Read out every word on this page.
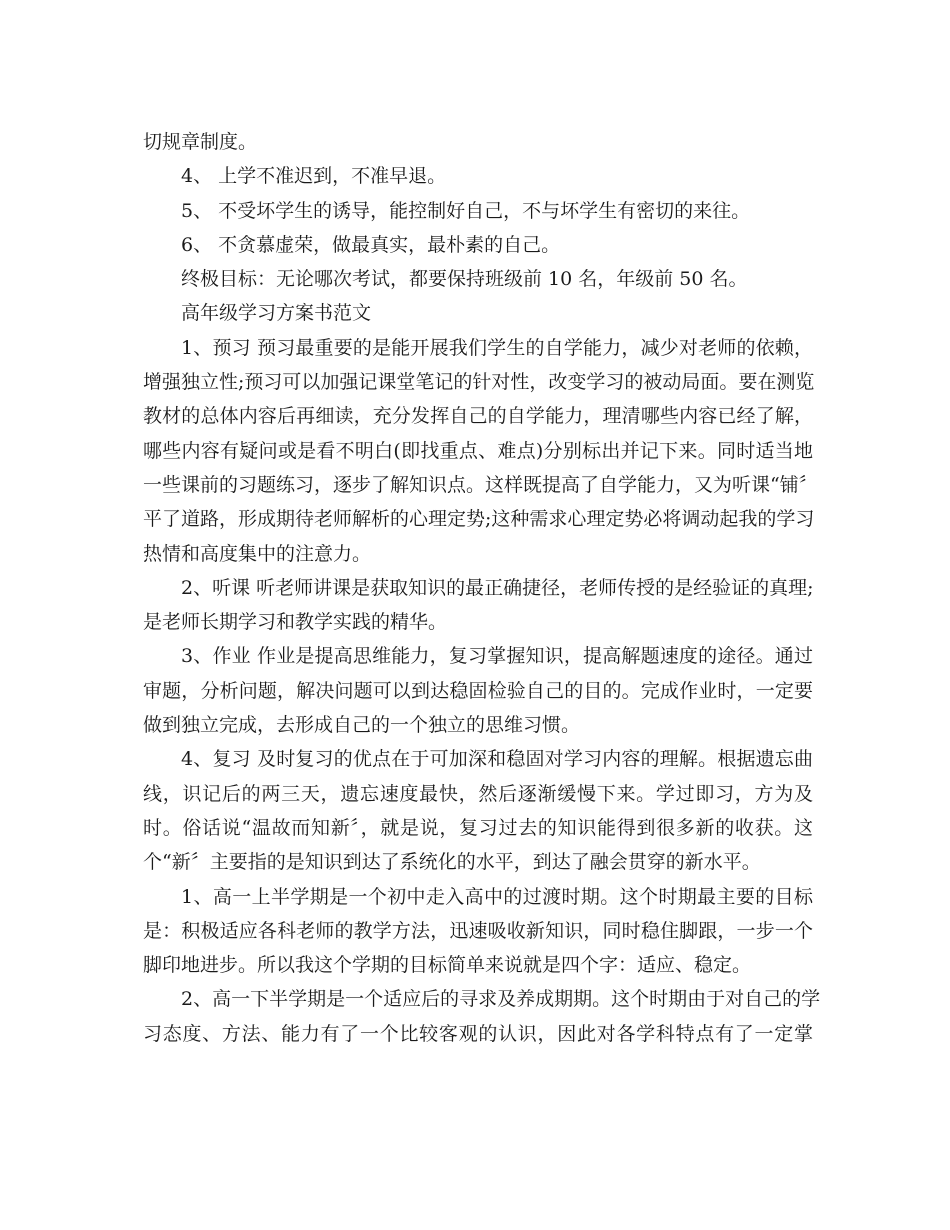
切规章制度。
4、 上学不准迟到，不准早退。
5、 不受坏学生的诱导，能控制好自己，不与坏学生有密切的来往。
6、 不贪慕虚荣，做最真实，最朴素的自己。
终极目标：无论哪次考试，都要保持班级前 10 名，年级前 50 名。
高年级学习方案书范文
1、预习 预习最重要的是能开展我们学生的自学能力，减少对老师的依赖，
增强独立性;预习可以加强记课堂笔记的针对性，改变学习的被动局面。要在测览
教材的总体内容后再细读，充分发挥自己的自学能力，理清哪些内容已经了解，
哪些内容有疑问或是看不明白(即找重点、难点)分别标出并记下来。同时适当地
一些课前的习题练习，逐步了解知识点。这样既提高了自学能力，又为听课“铺〞
平了道路，形成期待老师解析的心理定势;这种需求心理定势必将调动起我的学习
热情和高度集中的注意力。
2、听课 听老师讲课是获取知识的最正确捷径，老师传授的是经验证的真理;
是老师长期学习和教学实践的精华。
3、作业 作业是提高思维能力，复习掌握知识，提高解题速度的途径。通过
审题，分析问题，解决问题可以到达稳固检验自己的目的。完成作业时，一定要
做到独立完成，去形成自己的一个独立的思维习惯。
4、复习 及时复习的优点在于可加深和稳固对学习内容的理解。根据遗忘曲
线，识记后的两三天，遗忘速度最快，然后逐渐缓慢下来。学过即习，方为及
时。俗话说“温故而知新〞，就是说，复习过去的知识能得到很多新的收获。这
个“新〞主要指的是知识到达了系统化的水平，到达了融会贯穿的新水平。
1、高一上半学期是一个初中走入高中的过渡时期。这个时期最主要的目标
是：积极适应各科老师的教学方法，迅速吸收新知识，同时稳住脚跟，一步一个
脚印地进步。所以我这个学期的目标简单来说就是四个字：适应、稳定。
2、高一下半学期是一个适应后的寻求及养成期期。这个时期由于对自己的学
习态度、方法、能力有了一个比较客观的认识，因此对各学科特点有了一定掌
